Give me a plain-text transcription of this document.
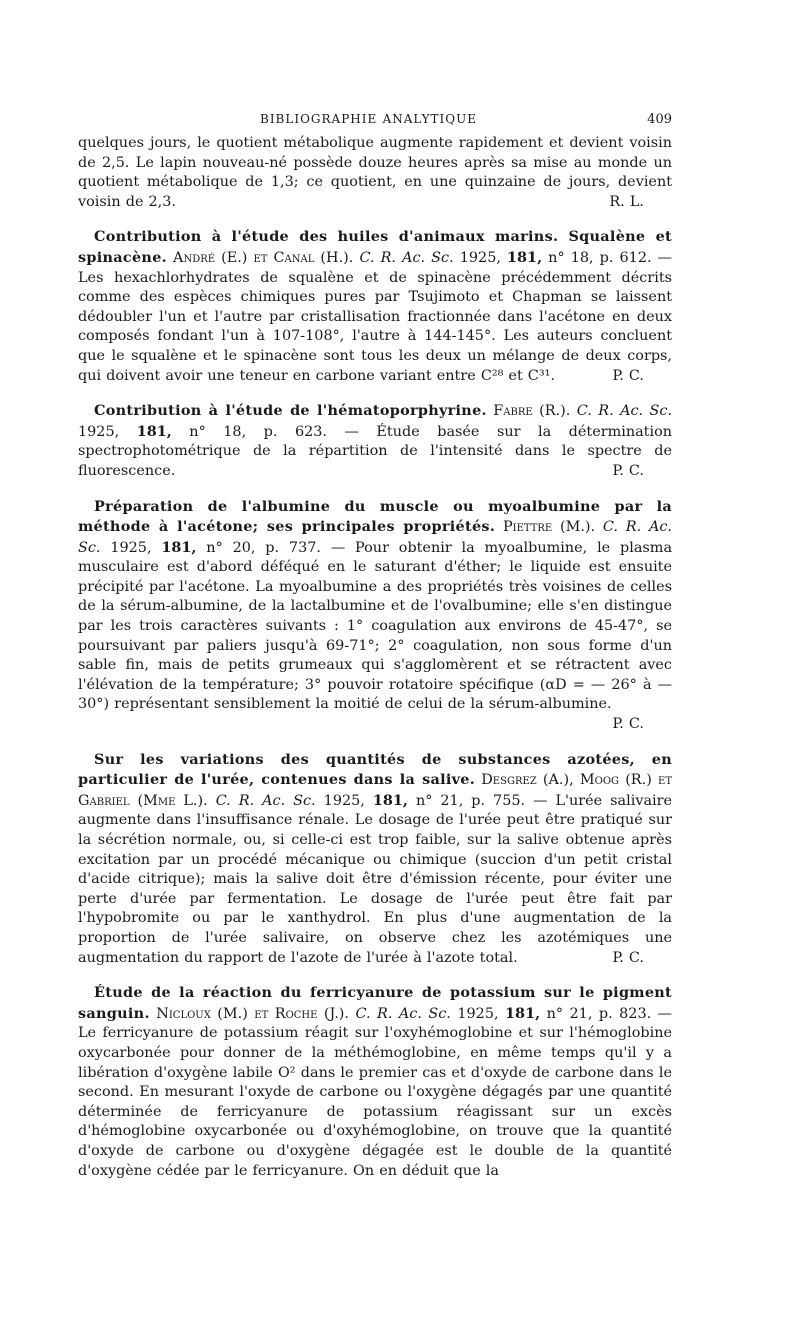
BIBLIOGRAPHIE ANALYTIQUE	409

quelques jours, le quotient métabolique augmente rapidement et devient voisin de 2,5. Le lapin nouveau-né possède douze heures après sa mise au monde un quotient métabolique de 1,3; ce quotient, en une quinzaine de jours, devient voisin de 2,3.	R. L.

Contribution à l'étude des huiles d'animaux marins. Squalène et spinacène. André (E.) et Canal (H.). C. R. Ac. Sc. 1925, 181, n° 18, p. 612. — Les hexachlorhydrates de squalène et de spinacène précédemment décrits comme des espèces chimiques pures par Tsujimoto et Chapman se laissent dédoubler l'un et l'autre par cristallisation fractionnée dans l'acétone en deux composés fondant l'un à 107-108°, l'autre à 144-145°. Les auteurs concluent que le squalène et le spinacène sont tous les deux un mélange de deux corps, qui doivent avoir une teneur en carbone variant entre C²⁸ et C³¹.	P. C.

Contribution à l'étude de l'hématoporphyrine. Fabre (R.). C. R. Ac. Sc. 1925, 181, n° 18, p. 623. — Étude basée sur la détermination spectrophotométrique de la répartition de l'intensité dans le spectre de fluorescence.	P. C.

Préparation de l'albumine du muscle ou myoalbumine par la méthode à l'acétone; ses principales propriétés. Piettre (M.). C. R. Ac. Sc. 1925, 181, n° 20, p. 737. — Pour obtenir la myoalbumine, le plasma musculaire est d'abord déféqué en le saturant d'éther; le liquide est ensuite précipité par l'acétone. La myoalbumine a des propriétés très voisines de celles de la sérum-albumine, de la lactalbumine et de l'ovalbumine; elle s'en distingue par les trois caractères suivants : 1° coagulation aux environs de 45-47°, se poursuivant par paliers jusqu'à 69-71°; 2° coagulation, non sous forme d'un sable fin, mais de petits grumeaux qui s'agglomèrent et se rétractent avec l'élévation de la température; 3° pouvoir rotatoire spécifique (αD = — 26° à — 30°) représentant sensiblement la moitié de celui de la sérum-albumine.
P. C.

Sur les variations des quantités de substances azotées, en particulier de l'urée, contenues dans la salive. Desgrez (A.), Moog (R.) et Gabriel (Mme L.). C. R. Ac. Sc. 1925, 181, n° 21, p. 755. — L'urée salivaire augmente dans l'insuffisance rénale. Le dosage de l'urée peut être pratiqué sur la sécrétion normale, ou, si celle-ci est trop faible, sur la salive obtenue après excitation par un procédé mécanique ou chimique (succion d'un petit cristal d'acide citrique); mais la salive doit être d'émission récente, pour éviter une perte d'urée par fermentation. Le dosage de l'urée peut être fait par l'hypobromite ou par le xanthydrol. En plus d'une augmentation de la proportion de l'urée salivaire, on observe chez les azotémiques une augmentation du rapport de l'azote de l'urée à l'azote total.	P. C.

Étude de la réaction du ferricyanure de potassium sur le pigment sanguin. Nicloux (M.) et Roche (J.). C. R. Ac. Sc. 1925, 181, n° 21, p. 823. — Le ferricyanure de potassium réagit sur l'oxyhémoglobine et sur l'hémoglobine oxycarbonée pour donner de la méthémoglobine, en même temps qu'il y a libération d'oxygène labile O² dans le premier cas et d'oxyde de carbone dans le second. En mesurant l'oxyde de carbone ou l'oxygène dégagés par une quantité déterminée de ferricyanure de potassium réagissant sur un excès d'hémoglobine oxycarbonée ou d'oxyhémoglobine, on trouve que la quantité d'oxyde de carbone ou d'oxygène dégagée est le double de la quantité d'oxygène cédée par le ferricyanure. On en déduit que la
